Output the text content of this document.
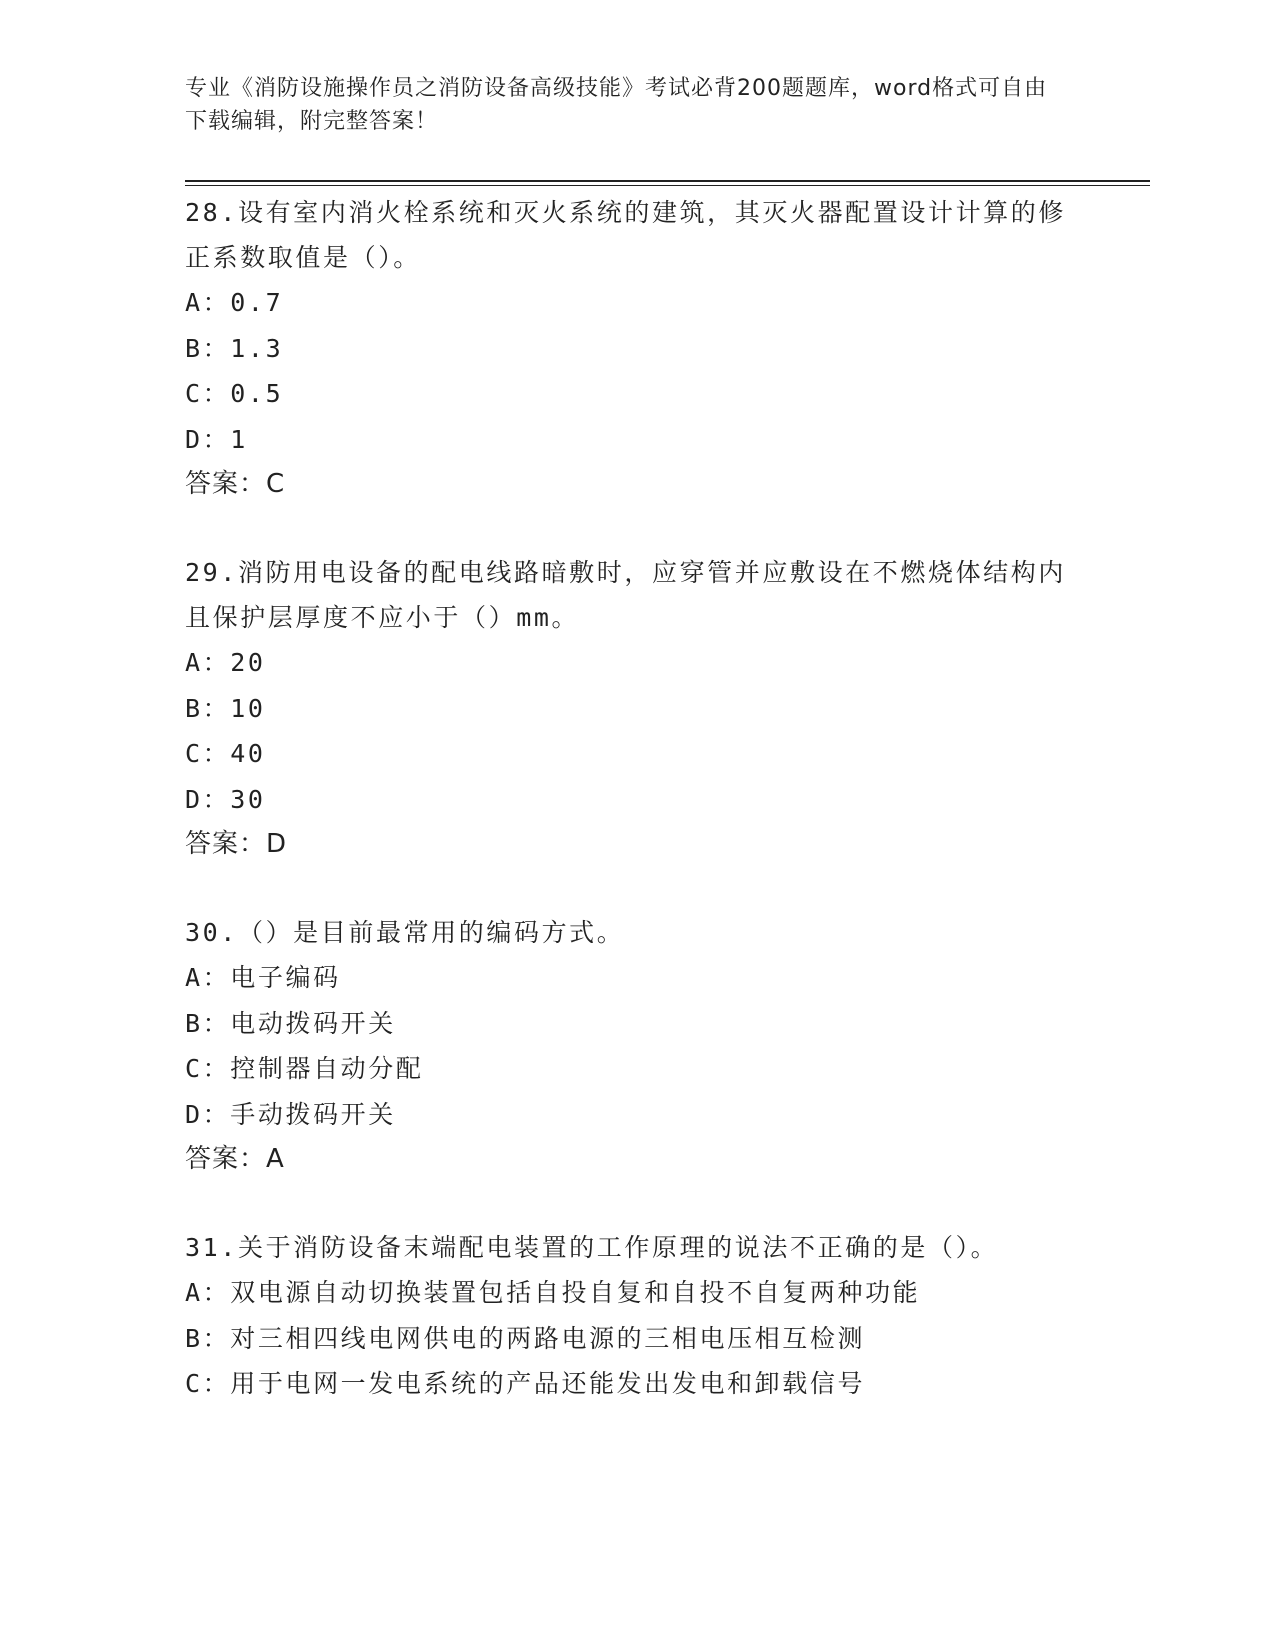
专业《消防设施操作员之消防设备高级技能》考试必背200题题库，word格式可自由下载编辑，附完整答案！

28.设有室内消火栓系统和灭火系统的建筑，其灭火器配置设计计算的修正系数取值是（）。

A：0.7

B：1.3

C：0.5

D：1

答案：C

29.消防用电设备的配电线路暗敷时，应穿管并应敷设在不燃烧体结构内且保护层厚度不应小于（）mm。

A：20

B：10

C：40

D：30

答案：D

30.（）是目前最常用的编码方式。

A：电子编码

B：电动拨码开关

C：控制器自动分配

D：手动拨码开关

答案：A

31.关于消防设备末端配电装置的工作原理的说法不正确的是（）。

A：双电源自动切换装置包括自投自复和自投不自复两种功能

B：对三相四线电网供电的两路电源的三相电压相互检测

C：用于电网一发电系统的产品还能发出发电和卸载信号
